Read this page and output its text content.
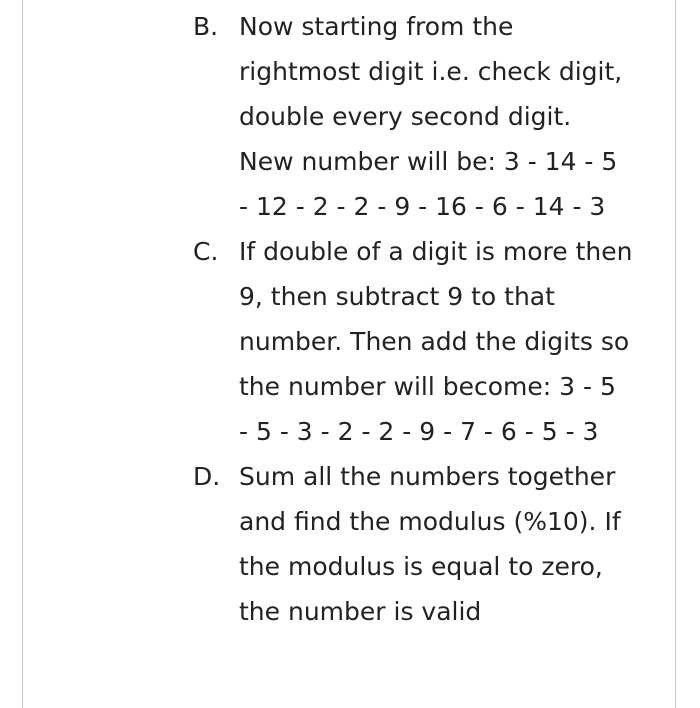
B. Now starting from the
rightmost digit i.e. check digit,
double every second digit.
New number will be: 3 - 14 - 5
- 12 - 2 - 2 - 9 - 16 - 6 - 14 - 3
C. If double of a digit is more then
9, then subtract 9 to that
number. Then add the digits so
the number will become: 3 - 5
- 5 - 3 - 2 - 2 - 9 - 7 - 6 - 5 - 3
D. Sum all the numbers together
and find the modulus (%10). If
the modulus is equal to zero,
the number is valid
